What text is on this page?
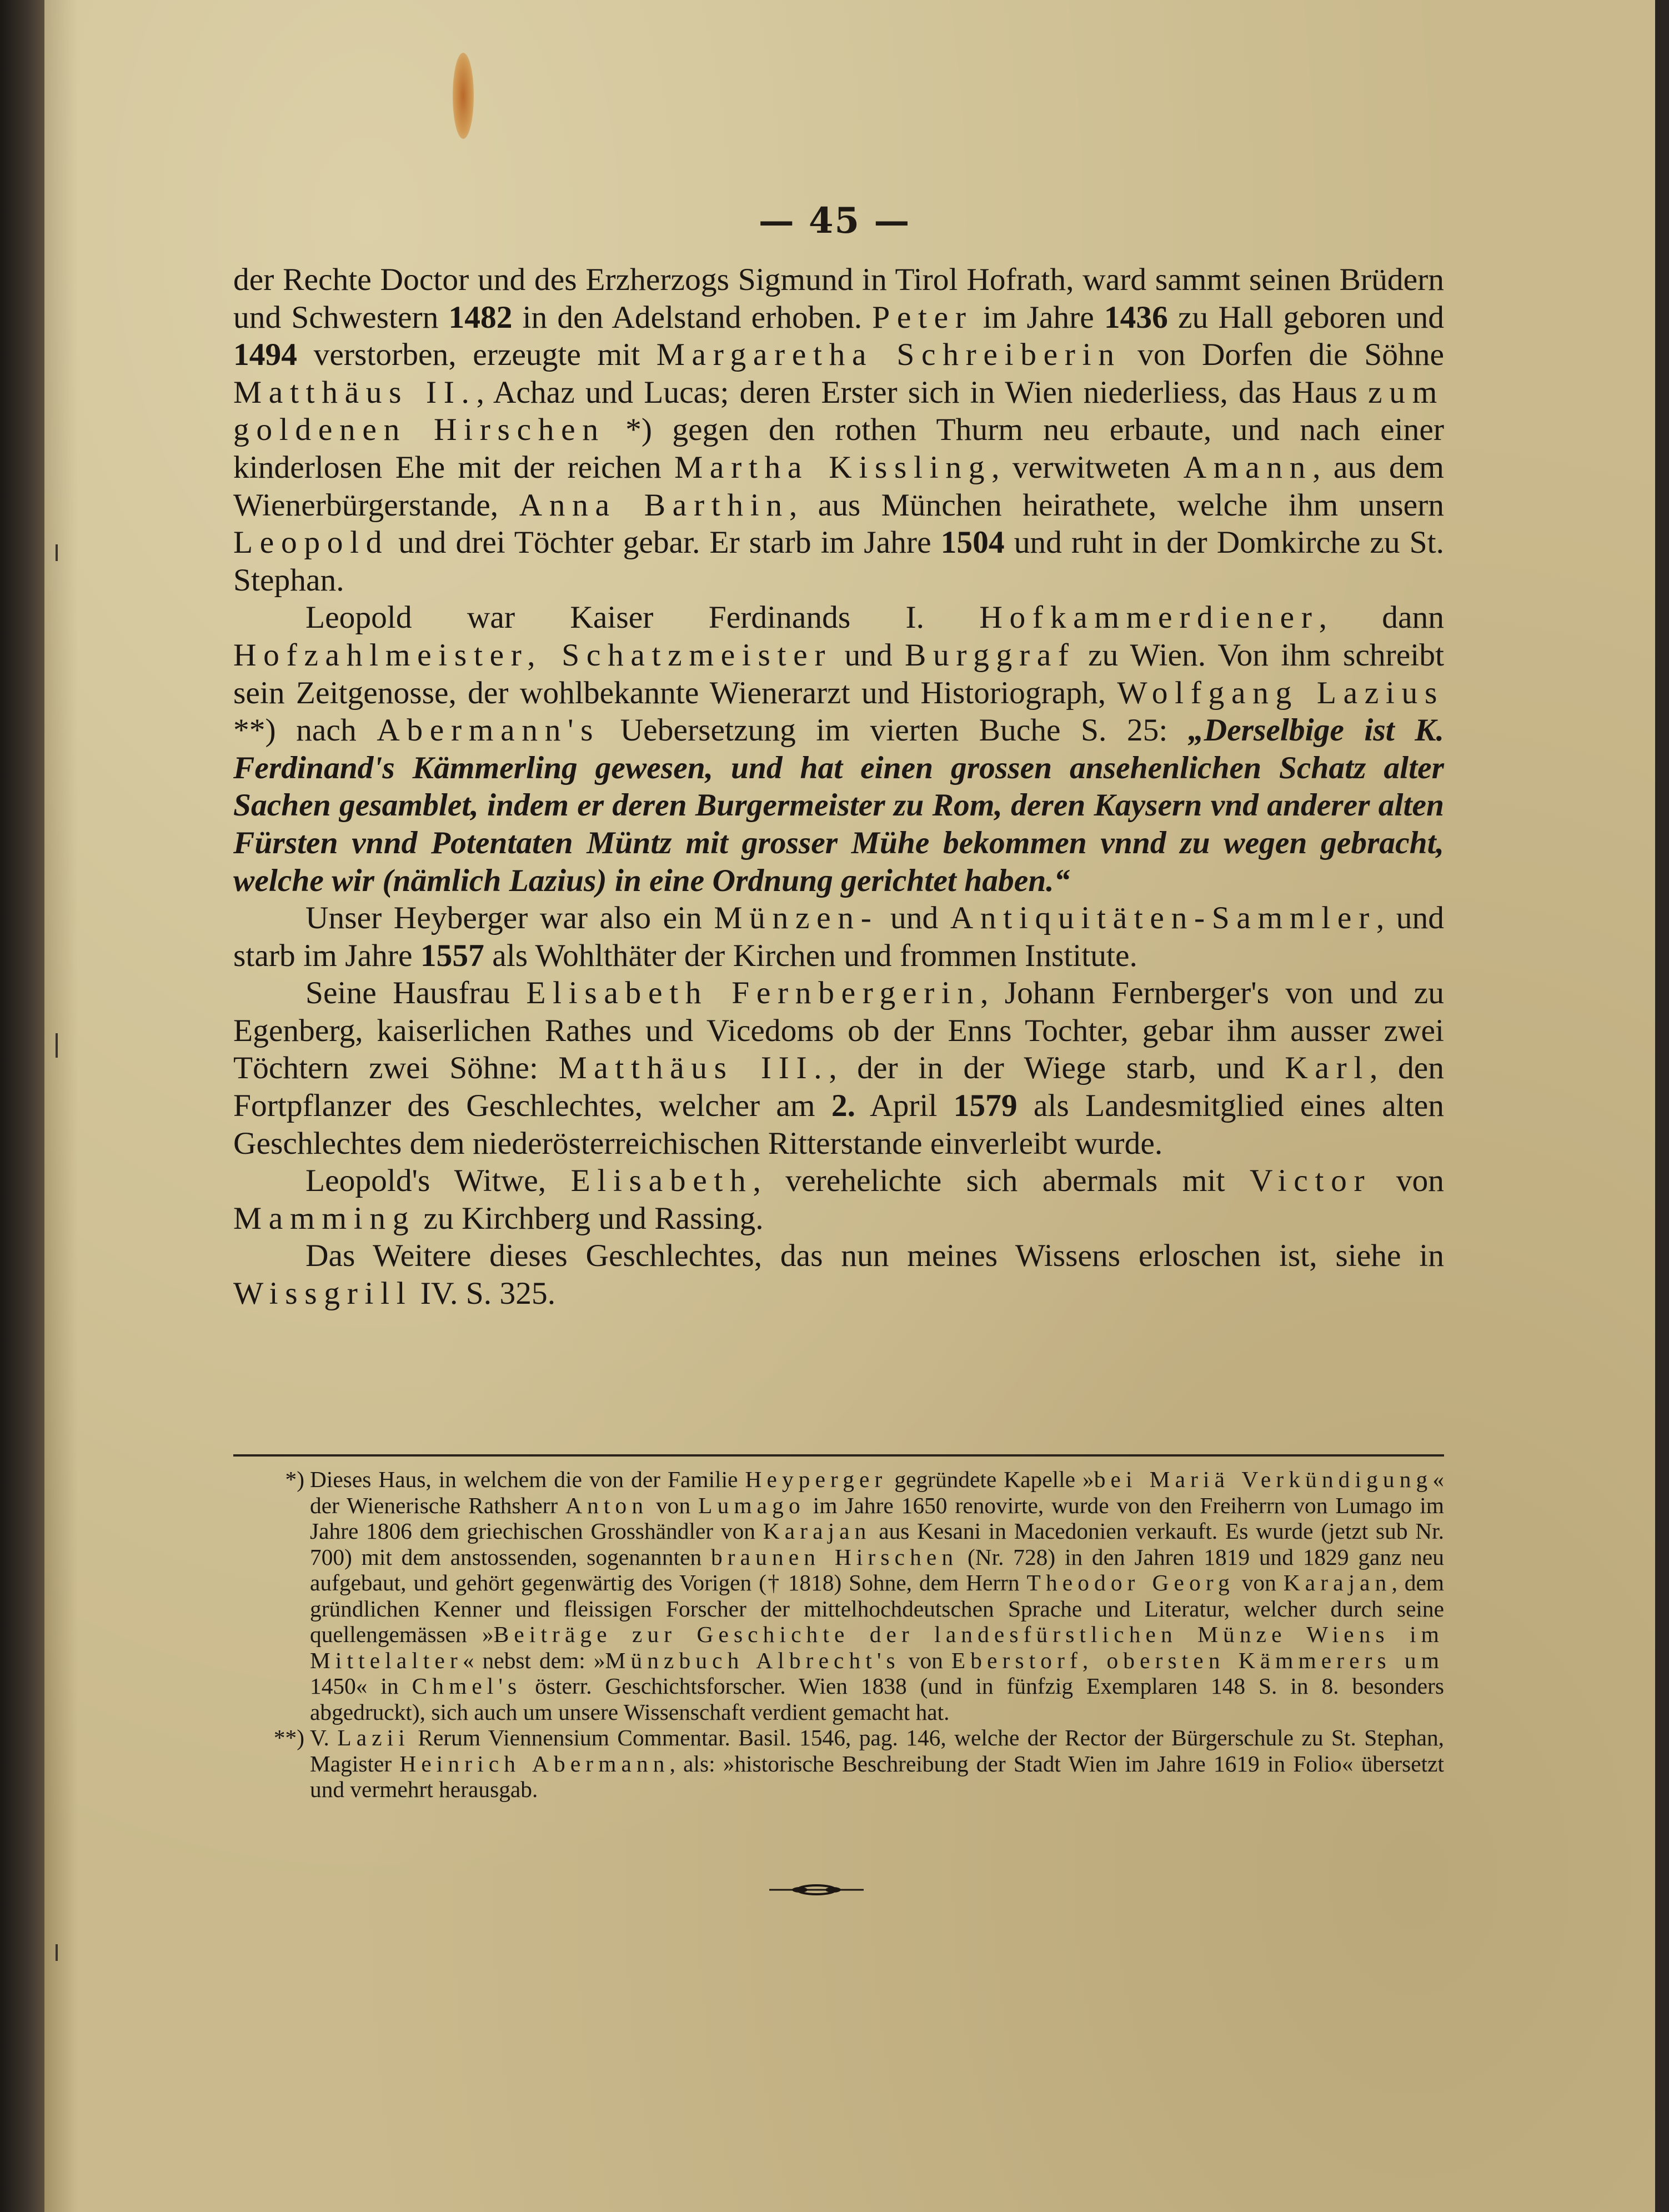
— 45 —

der Rechte Doctor und des Erzherzogs Sigmund in Tirol Hofrath, ward sammt seinen Brüdern und Schwestern 1482 in den Adelstand erhoben. Peter im Jahre 1436 zu Hall geboren und 1494 verstorben, erzeugte mit Margaretha Schreiberin von Dorfen die Söhne Matthäus II., Achaz und Lucas; deren Erster sich in Wien niederliess, das Haus zum goldenen Hirschen *) gegen den rothen Thurm neu erbaute, und nach einer kinderlosen Ehe mit der reichen Martha Kissling, verwitweten Amann, aus dem Wienerbürgerstande, Anna Barthin, aus München heirathete, welche ihm unsern Leopold und drei Töchter gebar. Er starb im Jahre 1504 und ruht in der Domkirche zu St. Stephan.

Leopold war Kaiser Ferdinands I. Hofkammerdiener, dann Hofzahlmeister, Schatzmeister und Burggraf zu Wien. Von ihm schreibt sein Zeitgenosse, der wohlbekannte Wienerarzt und Historiograph, Wolfgang Lazius **) nach Abermann's Uebersetzung im vierten Buche S. 25: „Derselbige ist K. Ferdinand's Kämmerling gewesen, und hat einen grossen ansehenlichen Schatz alter Sachen gesamblet, indem er deren Burgermeister zu Rom, deren Kaysern vnd anderer alten Fürsten vnnd Potentaten Müntz mit grosser Mühe bekommen vnnd zu wegen gebracht, welche wir (nämlich Lazius) in eine Ordnung gerichtet haben.“

Unser Heyberger war also ein Münzen- und Antiquitäten-Sammler, und starb im Jahre 1557 als Wohlthäter der Kirchen und frommen Institute.

Seine Hausfrau Elisabeth Fernbergerin, Johann Fernberger's von und zu Egenberg, kaiserlichen Rathes und Vicedoms ob der Enns Tochter, gebar ihm ausser zwei Töchtern zwei Söhne: Matthäus III., der in der Wiege starb, und Karl, den Fortpflanzer des Geschlechtes, welcher am 2. April 1579 als Landesmitglied eines alten Geschlechtes dem niederösterreichischen Ritterstande einverleibt wurde.

Leopold's Witwe, Elisabeth, verehelichte sich abermals mit Victor von Mamming zu Kirchberg und Rassing.

Das Weitere dieses Geschlechtes, das nun meines Wissens erloschen ist, siehe in Wissgrill IV. S. 325.

*) Dieses Haus, in welchem die von der Familie Heyperger gegründete Kapelle »bei Mariä Verkündigung« der Wienerische Rathsherr Anton von Lumago im Jahre 1650 renovirte, wurde von den Freiherrn von Lumago im Jahre 1806 dem griechischen Grosshändler von Karajan aus Kesani in Macedonien verkauft. Es wurde (jetzt sub Nr. 700) mit dem anstossenden, sogenannten braunen Hirschen (Nr. 728) in den Jahren 1819 und 1829 ganz neu aufgebaut, und gehört gegenwärtig des Vorigen († 1818) Sohne, dem Herrn Theodor Georg von Karajan, dem gründlichen Kenner und fleissigen Forscher der mittelhochdeutschen Sprache und Literatur, welcher durch seine quellengemässen »Beiträge zur Geschichte der landesfürstlichen Münze Wiens im Mittelalter« nebst dem: »Münzbuch Albrecht's von Eberstorf, obersten Kämmerers um 1450« in Chmel's österr. Geschichtsforscher. Wien 1838 (und in fünfzig Exemplaren 148 S. in 8. besonders abgedruckt), sich auch um unsere Wissenschaft verdient gemacht hat.

**) V. Lazii Rerum Viennensium Commentar. Basil. 1546, pag. 146, welche der Rector der Bürgerschule zu St. Stephan, Magister Heinrich Abermann, als: »historische Beschreibung der Stadt Wien im Jahre 1619 in Folio« übersetzt und vermehrt herausgab.
